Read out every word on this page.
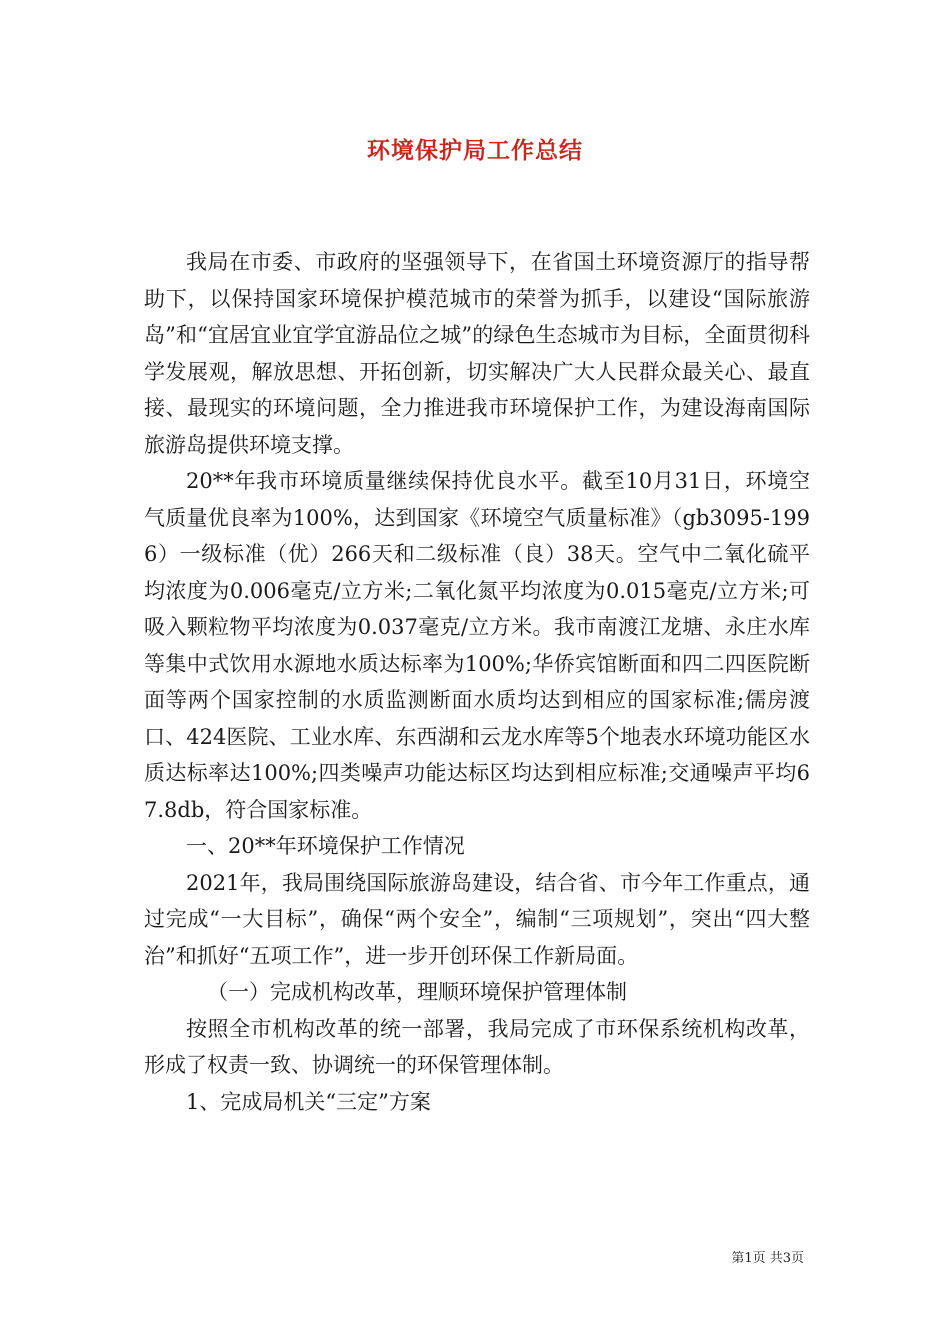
环境保护局工作总结

我局在市委、市政府的坚强领导下，在省国土环境资源厅的指导帮助下，以保持国家环境保护模范城市的荣誉为抓手，以建设“国际旅游岛”和“宜居宜业宜学宜游品位之城”的绿色生态城市为目标，全面贯彻科学发展观，解放思想、开拓创新，切实解决广大人民群众最关心、最直接、最现实的环境问题，全力推进我市环境保护工作，为建设海南国际旅游岛提供环境支撑。

20**年我市环境质量继续保持优良水平。截至10月31日，环境空气质量优良率为100%，达到国家《环境空气质量标准》（gb3095-1996）一级标准（优）266天和二级标准（良）38天。空气中二氧化硫平均浓度为0.006毫克/立方米;二氧化氮平均浓度为0.015毫克/立方米;可吸入颗粒物平均浓度为0.037毫克/立方米。我市南渡江龙塘、永庄水库等集中式饮用水源地水质达标率为100%;华侨宾馆断面和四二四医院断面等两个国家控制的水质监测断面水质均达到相应的国家标准;儒房渡口、424医院、工业水库、东西湖和云龙水库等5个地表水环境功能区水质达标率达100%;四类噪声功能达标区均达到相应标准;交通噪声平均67.8db，符合国家标准。

一、20**年环境保护工作情况

2021年，我局围绕国际旅游岛建设，结合省、市今年工作重点，通过完成“一大目标”，确保“两个安全”，编制“三项规划”，突出“四大整治”和抓好“五项工作”，进一步开创环保工作新局面。

（一）完成机构改革，理顺环境保护管理体制

按照全市机构改革的统一部署，我局完成了市环保系统机构改革，形成了权责一致、协调统一的环保管理体制。

1、完成局机关“三定”方案

第1页 共3页
